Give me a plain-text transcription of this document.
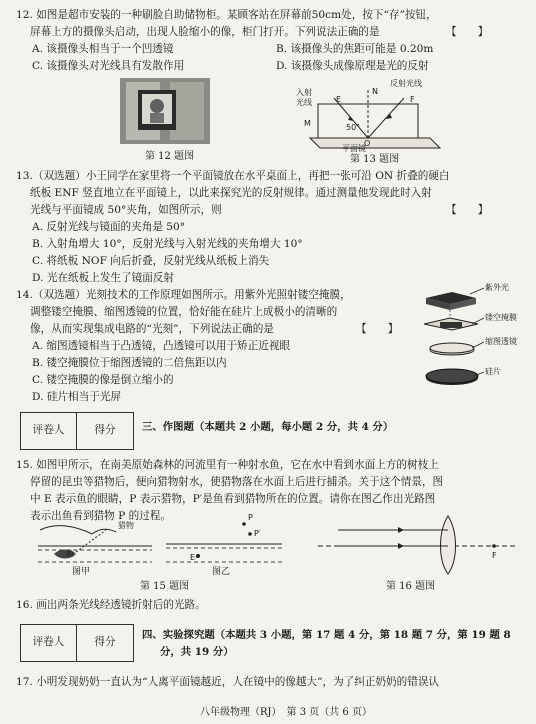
12. 如图是超市安装的一种刷脸自助储物柜。某顾客站在屏幕前50cm处，按下“存”按钮，
屏幕上方的摄像头启动，出现人脸缩小的像，柜门打开。下列说法正确的是	【　　】
A. 该摄像头相当于一个凹透镜	B. 该摄像头的焦距可能是 0.20m
C. 该摄像头对光线具有发散作用	D. 该摄像头成像原理是光的反射
第 12 题图
入射
光线
反射光线
E
N
F
O
M	50°
平面镜
第 13 题图
13.（双选题）小王同学在家里将一个平面镜放在水平桌面上，再把一张可沿 ON 折叠的硬白
纸板 ENF 竖直地立在平面镜上，以此来探究光的反射规律。通过测量他发现此时入射
光线与平面镜成 50°夹角，如图所示，则	【　　】
A. 反射光线与镜面的夹角是 50°
B. 入射角增大 10°，反射光线与入射光线的夹角增大 10°
C. 将纸板 NOF 向后折叠，反射光线从纸板上消失
D. 光在纸板上发生了镜面反射
14.（双选题）光刻技术的工作原理如图所示。用紫外光照射镂空掩膜，
调整镂空掩膜、缩图透镜的位置，恰好能在硅片上成极小的清晰的
像，从而实现集成电路的“光刻”，下列说法正确的是	【　　】
A. 缩图透镜相当于凸透镜，凸透镜可以用于矫正近视眼
B. 镂空掩膜位于缩图透镜的二倍焦距以内
C. 镂空掩膜的像是倒立缩小的
D. 硅片相当于光屏
紫外光
镂空掩膜
缩图透镜
硅片
评卷人	得分	三、作图题（本题共 2 小题，每小题 2 分，共 4 分）
15. 如图甲所示，在南美原始森林的河流里有一种射水鱼，它在水中看到水面上方的树枝上
停留的昆虫等猎物后，便向猎物射水，使猎物落在水面上后进行捕杀。关于这个情景，图
中 E 表示鱼的眼睛，P 表示猎物，P′是鱼看到猎物所在的位置。请你在图乙作出光路图
表示出鱼看到猎物 P 的过程。
猎物
鱼
图甲
P
P′
E
图乙
第 15 题图
F
第 16 题图
16. 画出两条光线经透镜折射后的光路。
评卷人	得分
四、实验探究题（本题共 3 小题，第 17 题 4 分，第 18 题 7 分，第 19 题 8
分，共 19 分）
17. 小明发现奶奶一直认为“人离平面镜越近，人在镜中的像越大”，为了纠正奶奶的错误认
八年级物理（RJ）　第 3 页（共 6 页）
